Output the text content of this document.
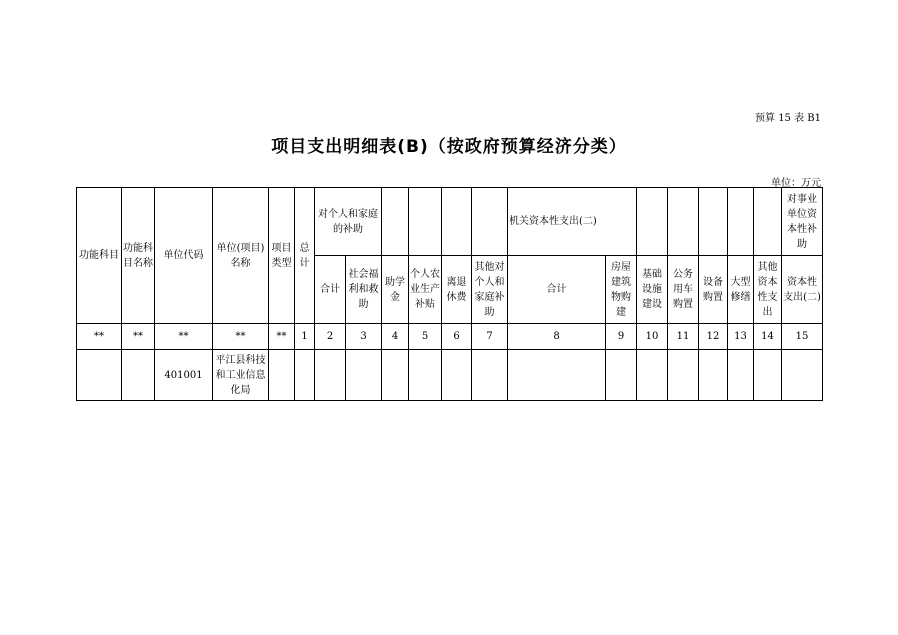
预算 15 表 B1
项目支出明细表(B)（按政府预算经济分类）
单位：万元
功能科目	功能科目名称	单位代码	单位(项目)名称	项目类型	总计	对个人和家庭的补助						机关资本性支出(二)							对事业单位资本性补助
						合计	社会福利和救助	助学金	个人农业生产补贴	离退休费	其他对个人和家庭补助	合计	房屋建筑物购建	基础设施建设	公务用车购置	设备购置	大型修缮	其他资本性支出	资本性支出(二)
**	**	**	**	**	1	2	3	4	5	6	7	8	9	10	11	12	13	14	15
		401001	平江县科技和工业信息化局																
